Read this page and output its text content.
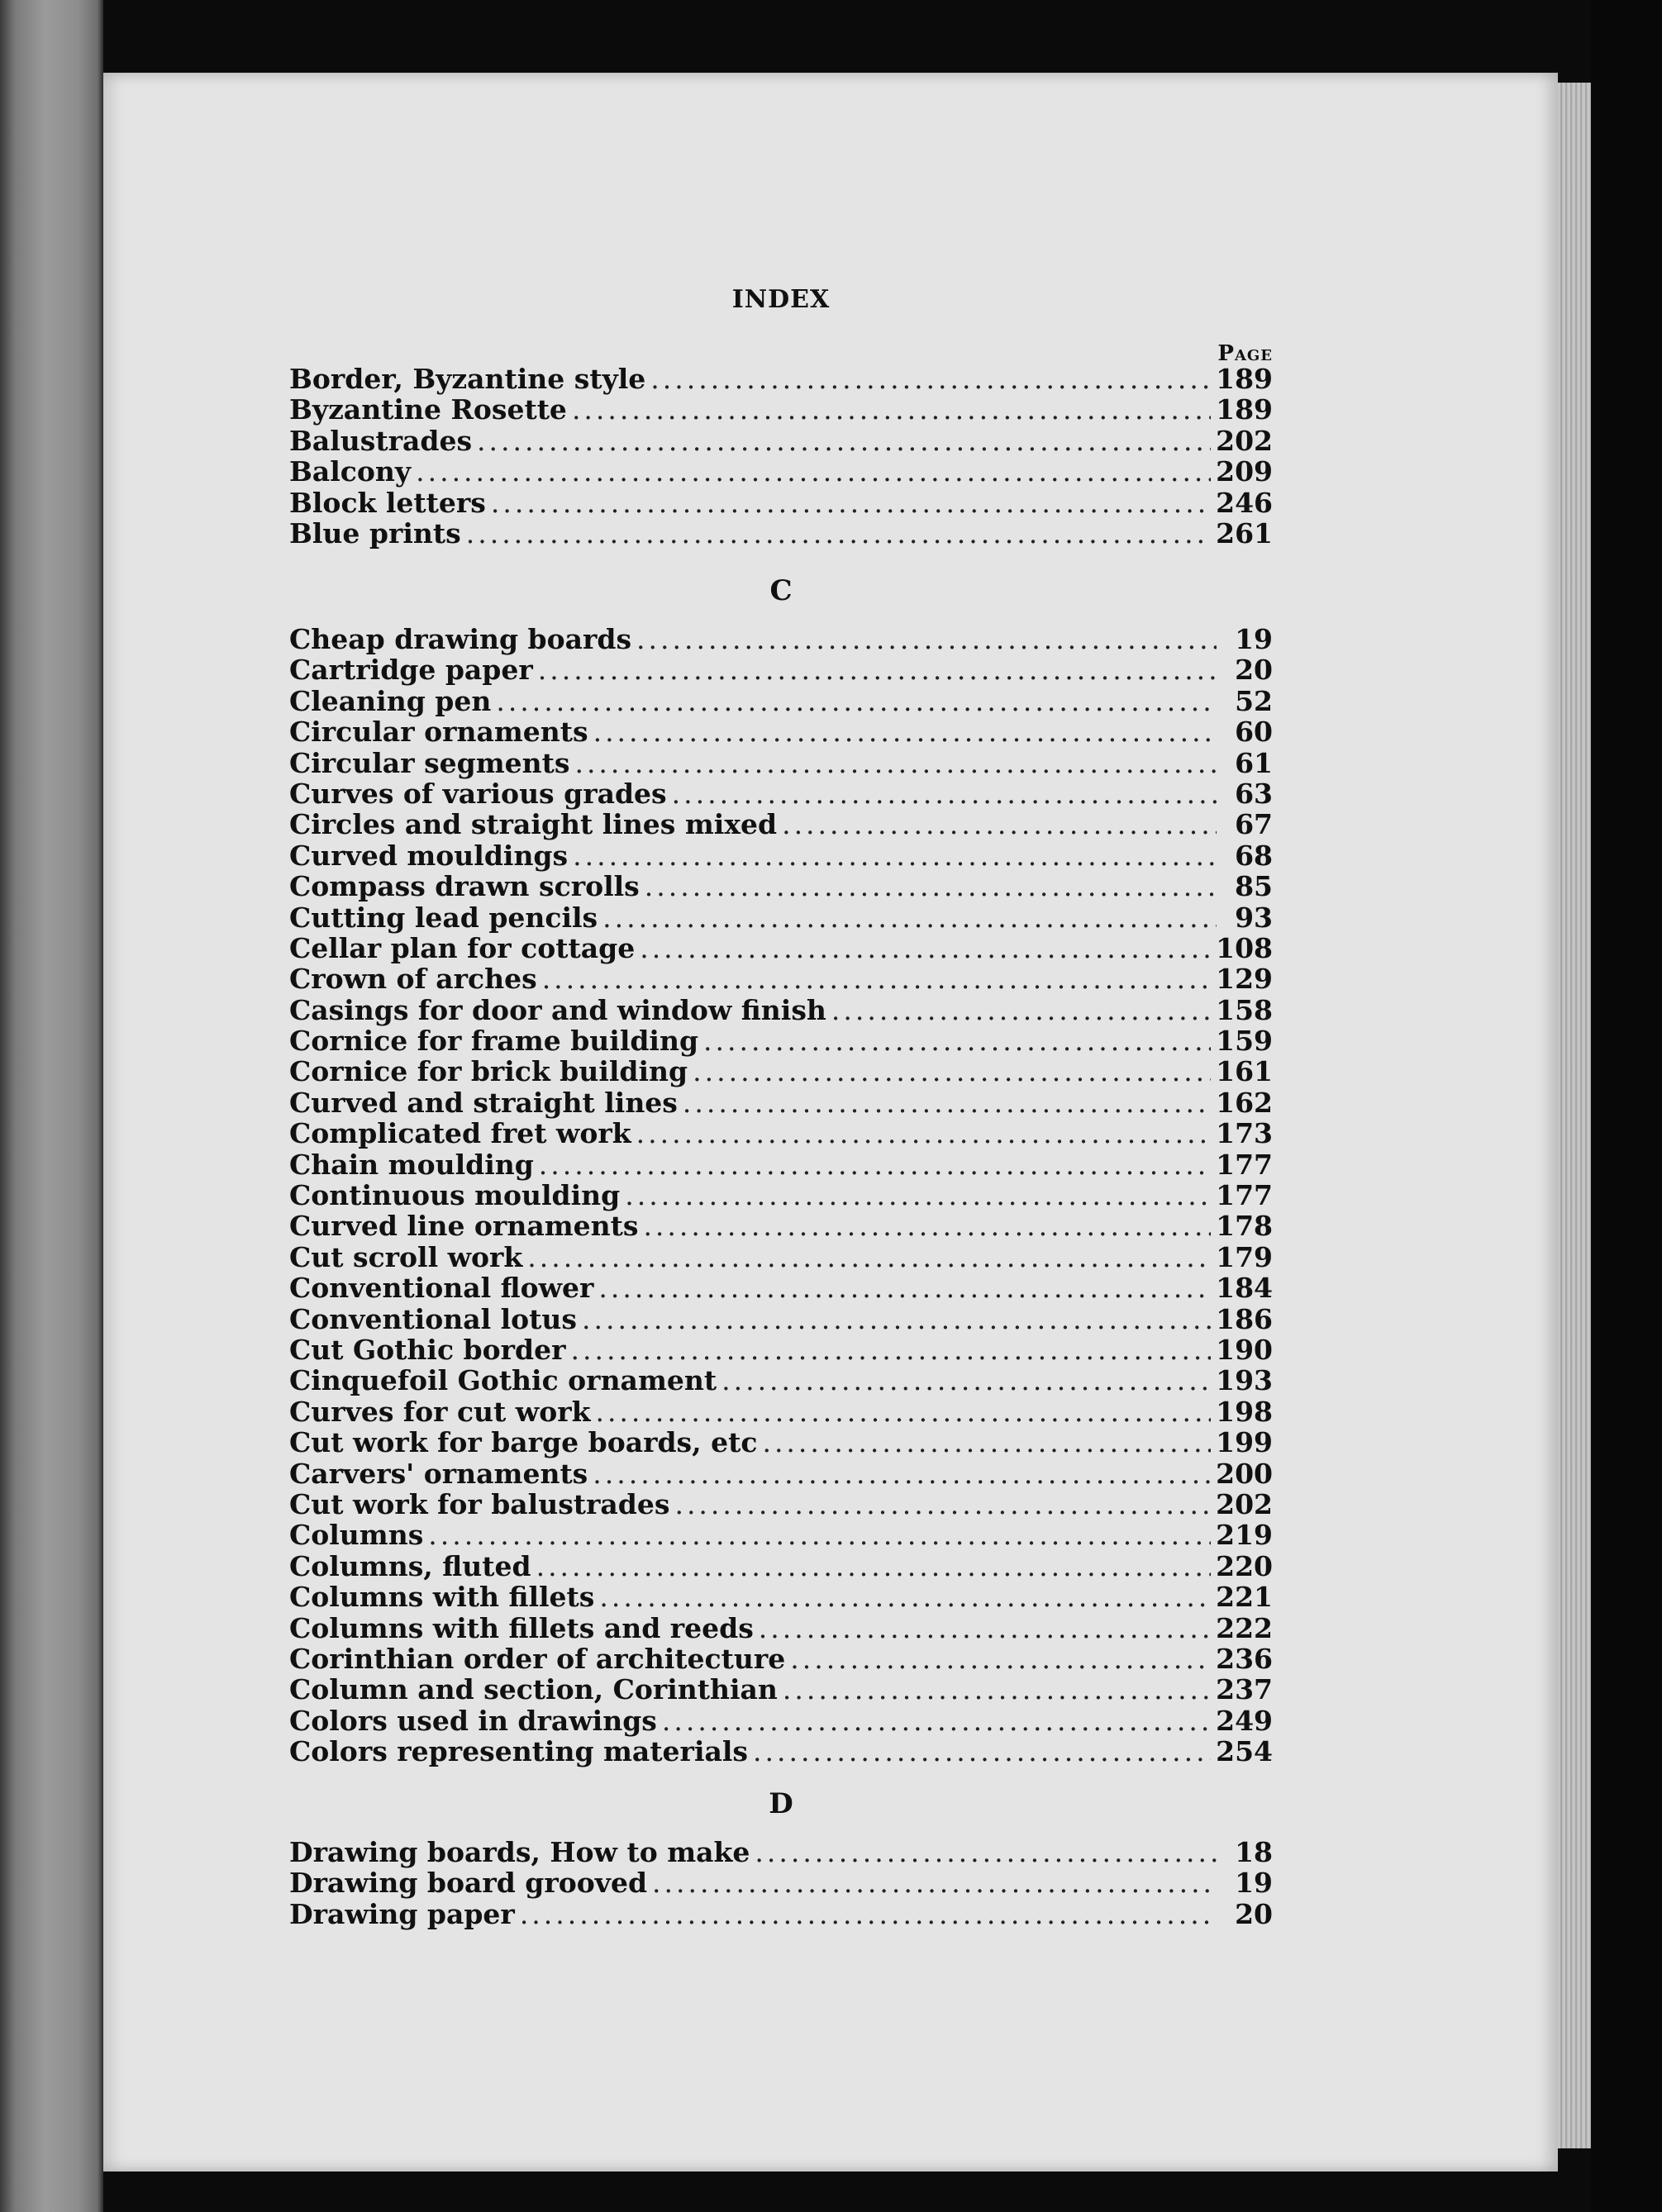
INDEX
Page
Border, Byzantine style .....	189
Byzantine Rosette .....	189
Balustrades .....	202
Balcony .....	209
Block letters .....	246
Blue prints .....	261
C
Cheap drawing boards .....	19
Cartridge paper .....	20
Cleaning pen .....	52
Circular ornaments .....	60
Circular segments .....	61
Curves of various grades .....	63
Circles and straight lines mixed .....	67
Curved mouldings .....	68
Compass drawn scrolls .....	85
Cutting lead pencils .....	93
Cellar plan for cottage .....	108
Crown of arches .....	129
Casings for door and window finish .....	158
Cornice for frame building .....	159
Cornice for brick building .....	161
Curved and straight lines .....	162
Complicated fret work .....	173
Chain moulding .....	177
Continuous moulding .....	177
Curved line ornaments .....	178
Cut scroll work .....	179
Conventional flower .....	184
Conventional lotus .....	186
Cut Gothic border .....	190
Cinquefoil Gothic ornament .....	193
Curves for cut work .....	198
Cut work for barge boards, etc .....	199
Carvers' ornaments .....	200
Cut work for balustrades .....	202
Columns .....	219
Columns, fluted .....	220
Columns with fillets .....	221
Columns with fillets and reeds .....	222
Corinthian order of architecture .....	236
Column and section, Corinthian .....	237
Colors used in drawings .....	249
Colors representing materials .....	254
D
Drawing boards, How to make .....	18
Drawing board grooved .....	19
Drawing paper .....	20
